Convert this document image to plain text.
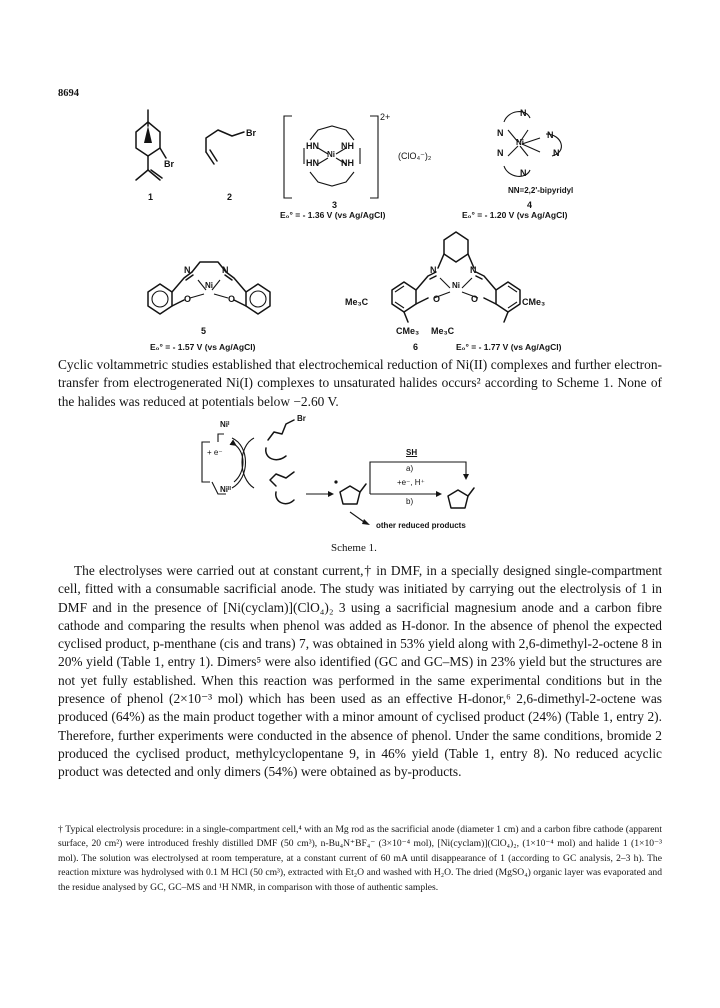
8694
Br
1
Br
2
2+
HN NH
HN NH
Ni	(ClO₄⁻)₂
3
E₀° = - 1.36 V (vs Ag/AgCl)
N
N	N
N
Ni
N
N
NN=2,2'-bipyridyl
4
E₀° = - 1.20 V (vs Ag/AgCl)
N	N
O	O
Ni
5
E₀° = - 1.57 V (vs Ag/AgCl)
Me₃C	CMe₃
CMe₃ Me₃C
N	N
O	O
Ni
6	E₀° = - 1.77 V (vs Ag/AgCl)
Cyclic voltammetric studies established that electrochemical reduction of Ni(II) complexes and further electron-transfer from electrogenerated Ni(I) complexes to unsaturated halides occurs² according to Scheme 1. None of the halides was reduced at potentials below −2.60 V.
Niᴵ
+ e⁻
Niᴵᴵ
Br
SH
a)
+e⁻, H⁺
b)
other reduced products
Scheme 1.
The electrolyses were carried out at constant current,† in DMF, in a specially designed single-compartment cell, fitted with a consumable sacrificial anode. The study was initiated by carrying out the electrolysis of 1 in DMF and in the presence of [Ni(cyclam)](ClO₄)₂ 3 using a sacrificial magnesium anode and a carbon fibre cathode and comparing the results when phenol was added as H-donor. In the absence of phenol the expected cyclised product, p-menthane (cis and trans) 7, was obtained in 53% yield along with 2,6-dimethyl-2-octene 8 in 20% yield (Table 1, entry 1). Dimers⁵ were also identified (GC and GC–MS) in 23% yield but the structures are not yet fully established. When this reaction was performed in the same experimental conditions but in the presence of phenol (2×10⁻³ mol) which has been used as an effective H-donor,⁶ 2,6-dimethyl-2-octene was produced (64%) as the main product together with a minor amount of cyclised product (24%) (Table 1, entry 2). Therefore, further experiments were conducted in the absence of phenol. Under the same conditions, bromide 2 produced the cyclised product, methylcyclopentane 9, in 46% yield (Table 1, entry 8). No reduced acyclic product was detected and only dimers (54%) were obtained as by-products.
† Typical electrolysis procedure: in a single-compartment cell,⁴ with an Mg rod as the sacrificial anode (diameter 1 cm) and a carbon fibre cathode (apparent surface, 20 cm²) were introduced freshly distilled DMF (50 cm³), n-Bu₄N⁺BF₄⁻ (3×10⁻⁴ mol), [Ni(cyclam)](ClO₄)₂, (1×10⁻⁴ mol) and halide 1 (1×10⁻³ mol). The solution was electrolysed at room temperature, at a constant current of 60 mA until disappearance of 1 (according to GC analysis, 2–3 h). The reaction mixture was hydrolysed with 0.1 M HCl (50 cm³), extracted with Et₂O and washed with H₂O. The dried (MgSO₄) organic layer was evaporated and the residue analysed by GC, GC–MS and ¹H NMR, in comparison with those of authentic samples.
